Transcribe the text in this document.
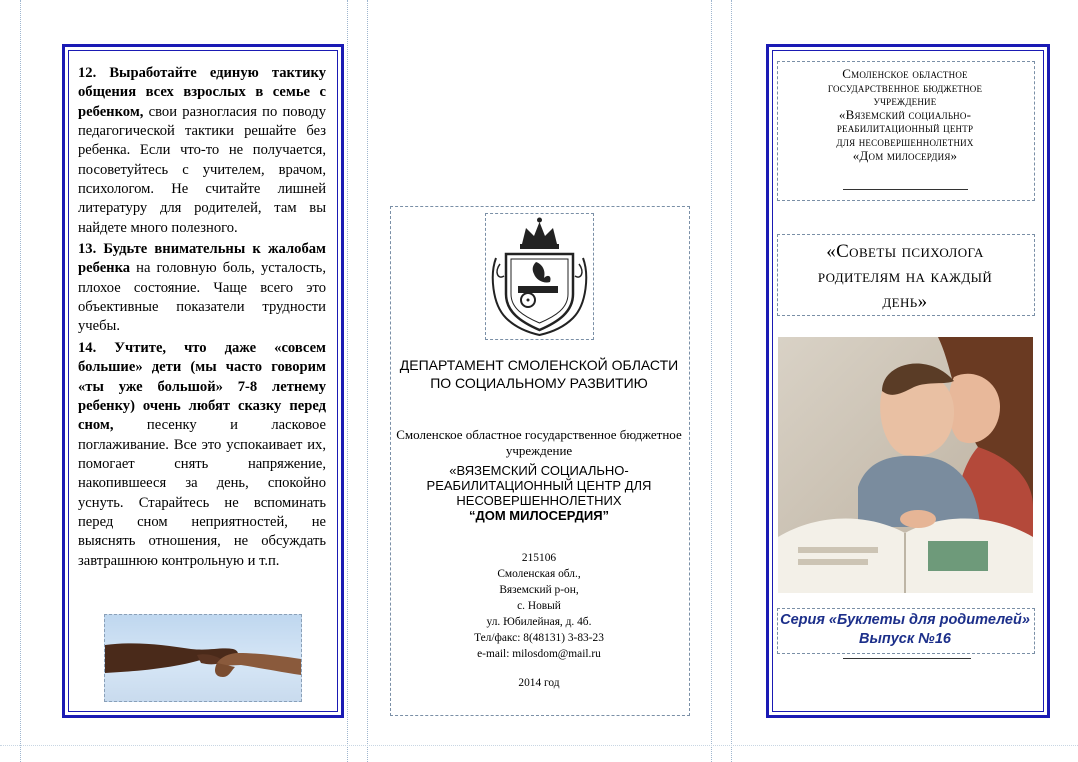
12. Выработайте единую тактику общения всех взрослых в семье с ребенком, свои разногласия по поводу педагогической тактики решайте без ребенка. Если что-то не получается, посоветуйтесь с учителем, врачом, психологом. Не считайте лишней литературу для родителей, там вы найдете много полезного.

13. Будьте внимательны к жалобам ребенка на головную боль, усталость, плохое состояние. Чаще всего это объективные показатели трудности учебы.

14. Учтите, что даже «совсем большие» дети (мы часто говорим «ты уже большой» 7-8 летнему ребенку) очень любят сказку перед сном, песенку и ласковое поглаживание. Все это успокаивает их, помогает снять напряжение, накопившееся за день, спокойно уснуть. Старайтесь не вспоминать перед сном неприятностей, не выяснять отношения, не обсуждать завтрашнюю контрольную и т.п.

ДЕПАРТАМЕНТ СМОЛЕНСКОЙ ОБЛАСТИ ПО СОЦИАЛЬНОМУ РАЗВИТИЮ
Смоленское областное государственное бюджетное учреждение
«ВЯЗЕМСКИЙ СОЦИАЛЬНО-РЕАБИЛИТАЦИОННЫЙ ЦЕНТР ДЛЯ НЕСОВЕРШЕННОЛЕТНИХ
“ДОМ МИЛОСЕРДИЯ”
215106
Смоленская обл.,
Вяземский р-он,
с. Новый
ул. Юбилейная, д. 4б.
Тел/факс: 8(48131) 3-83-23
e-mail: milosdom@mail.ru
2014 год
Смоленское областное
государственное бюджетное
учреждение
«Вяземский социально-
реабилитационный центр
для несовершеннолетних
«Дом милосердия»
«Советы психолога
родителям на каждый
день»
Серия «Буклеты для родителей»
Выпуск №16
